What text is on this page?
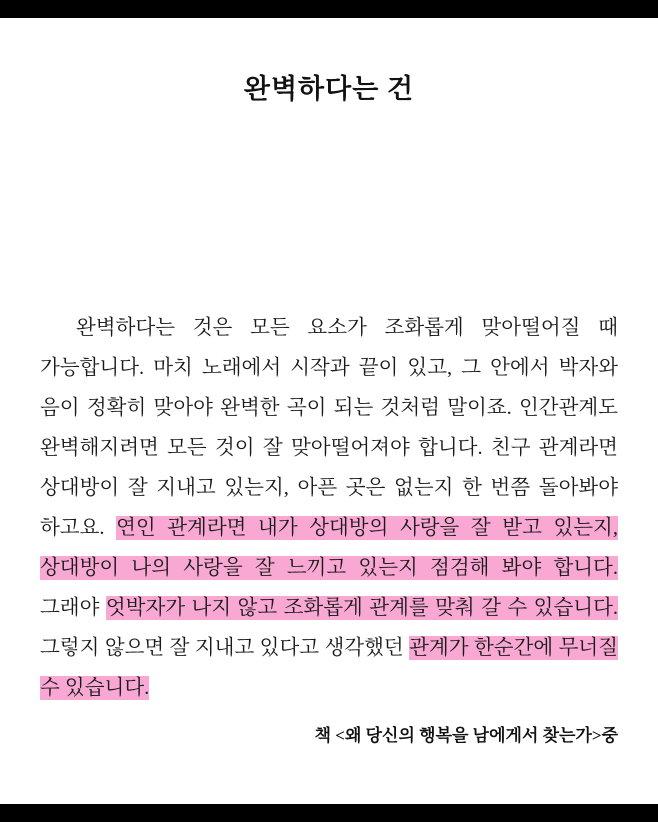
완벽하다는 건

완벽하다는 것은 모든 요소가 조화롭게 맞아떨어질 때 가능합니다. 마치 노래에서 시작과 끝이 있고, 그 안에서 박자와 음이 정확히 맞아야 완벽한 곡이 되는 것처럼 말이죠. 인간관계도 완벽해지려면 모든 것이 잘 맞아떨어져야 합니다. 친구 관계라면 상대방이 잘 지내고 있는지, 아픈 곳은 없는지 한 번쯤 돌아봐야 하고요. 연인 관계라면 내가 상대방의 사랑을 잘 받고 있는지, 상대방이 나의 사랑을 잘 느끼고 있는지 점검해 봐야 합니다. 그래야 엇박자가 나지 않고 조화롭게 관계를 맞춰 갈 수 있습니다. 그렇지 않으면 잘 지내고 있다고 생각했던 관계가 한순간에 무너질 수 있습니다.

책 <왜 당신의 행복을 남에게서 찾는가>중
